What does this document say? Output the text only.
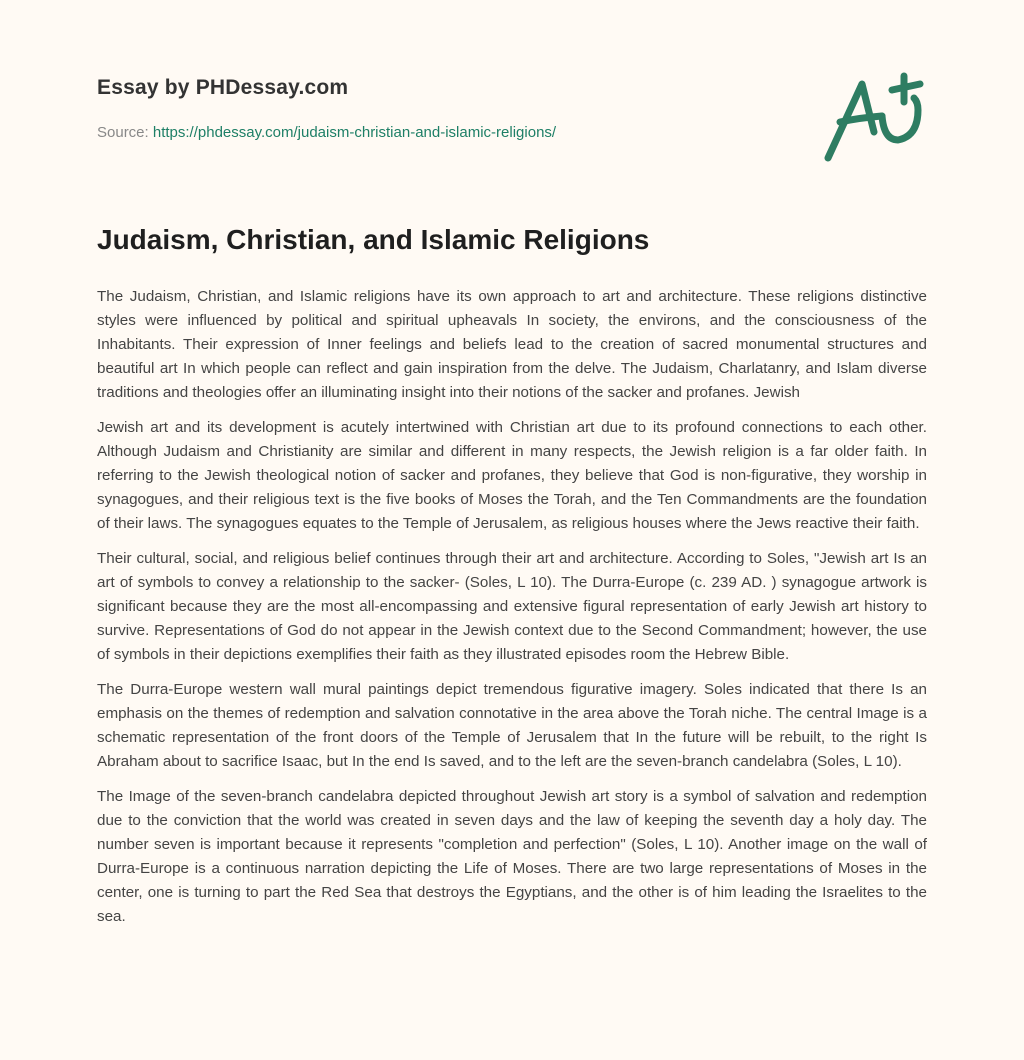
Essay by PHDessay.com

Source: https://phdessay.com/judaism-christian-and-islamic-religions/
Judaism, Christian, and Islamic Religions

The Judaism, Christian, and Islamic religions have its own approach to art and architecture. These religions distinctive styles were influenced by political and spiritual upheavals In society, the environs, and the consciousness of the Inhabitants. Their expression of Inner feelings and beliefs lead to the creation of sacred monumental structures and beautiful art In which people can reflect and gain inspiration from the delve. The Judaism, Charlatanry, and Islam diverse traditions and theologies offer an illuminating insight into their notions of the sacker and profanes. Jewish

Jewish art and its development is acutely intertwined with Christian art due to its profound connections to each other. Although Judaism and Christianity are similar and different in many respects, the Jewish religion is a far older faith. In referring to the Jewish theological notion of sacker and profanes, they believe that God is non-figurative, they worship in synagogues, and their religious text is the five books of Moses the Torah, and the Ten Commandments are the foundation of their laws. The synagogues equates to the Temple of Jerusalem, as religious houses where the Jews reactive their faith.

Their cultural, social, and religious belief continues through their art and architecture. According to Soles, "Jewish art Is an art of symbols to convey a relationship to the sacker- (Soles, L 10). The Durra-Europe (c. 239 AD. ) synagogue artwork is significant because they are the most all-encompassing and extensive figural representation of early Jewish art history to survive. Representations of God do not appear in the Jewish context due to the Second Commandment; however, the use of symbols in their depictions exemplifies their faith as they illustrated episodes room the Hebrew Bible.

The Durra-Europe western wall mural paintings depict tremendous figurative imagery. Soles indicated that there Is an emphasis on the themes of redemption and salvation connotative in the area above the Torah niche. The central Image is a schematic representation of the front doors of the Temple of Jerusalem that In the future will be rebuilt, to the right Is Abraham about to sacrifice Isaac, but In the end Is saved, and to the left are the seven-branch candelabra (Soles, L 10).

The Image of the seven-branch candelabra depicted throughout Jewish art story is a symbol of salvation and redemption due to the conviction that the world was created in seven days and the law of keeping the seventh day a holy day. The number seven is important because it represents "completion and perfection" (Soles, L 10). Another image on the wall of Durra-Europe is a continuous narration depicting the Life of Moses. There are two large representations of Moses in the center, one is turning to part the Red Sea that destroys the Egyptians, and the other is of him leading the Israelites to the sea.
